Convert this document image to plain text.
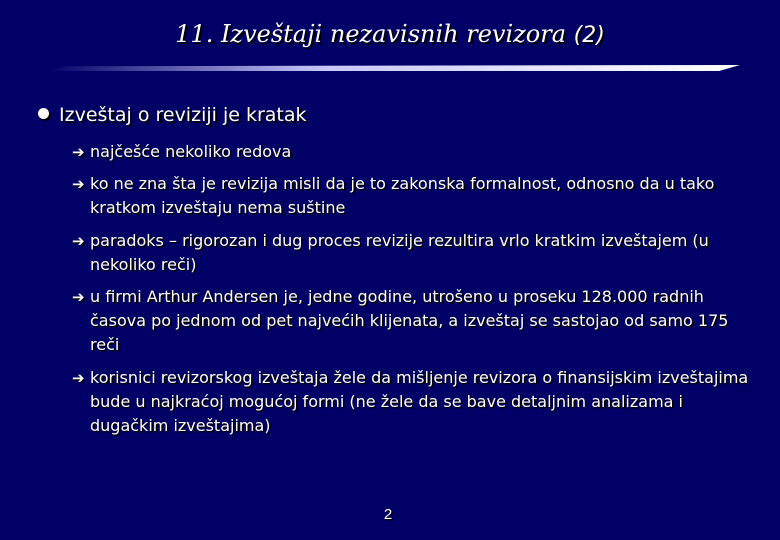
11. Izveštaji nezavisnih revizora (2)
Izveštaj o reviziji je kratak
➔ najčešće nekoliko redova
➔ ko ne zna šta je revizija misli da je to zakonska formalnost, odnosno da u tako kratkom izveštaju nema suštine
➔ paradoks – rigorozan i dug proces revizije rezultira vrlo kratkim izveštajem (u nekoliko reči)
➔ u firmi Arthur Andersen je, jedne godine, utrošeno u proseku 128.000 radnih časova po jednom od pet najvećih klijenata, a izveštaj se sastojao od samo 175 reči
➔ korisnici revizorskog izveštaja žele da mišljenje revizora o finansijskim izveštajima bude u najkraćoj mogućoj formi (ne žele da se bave detaljnim analizama i dugačkim izveštajima)
2
